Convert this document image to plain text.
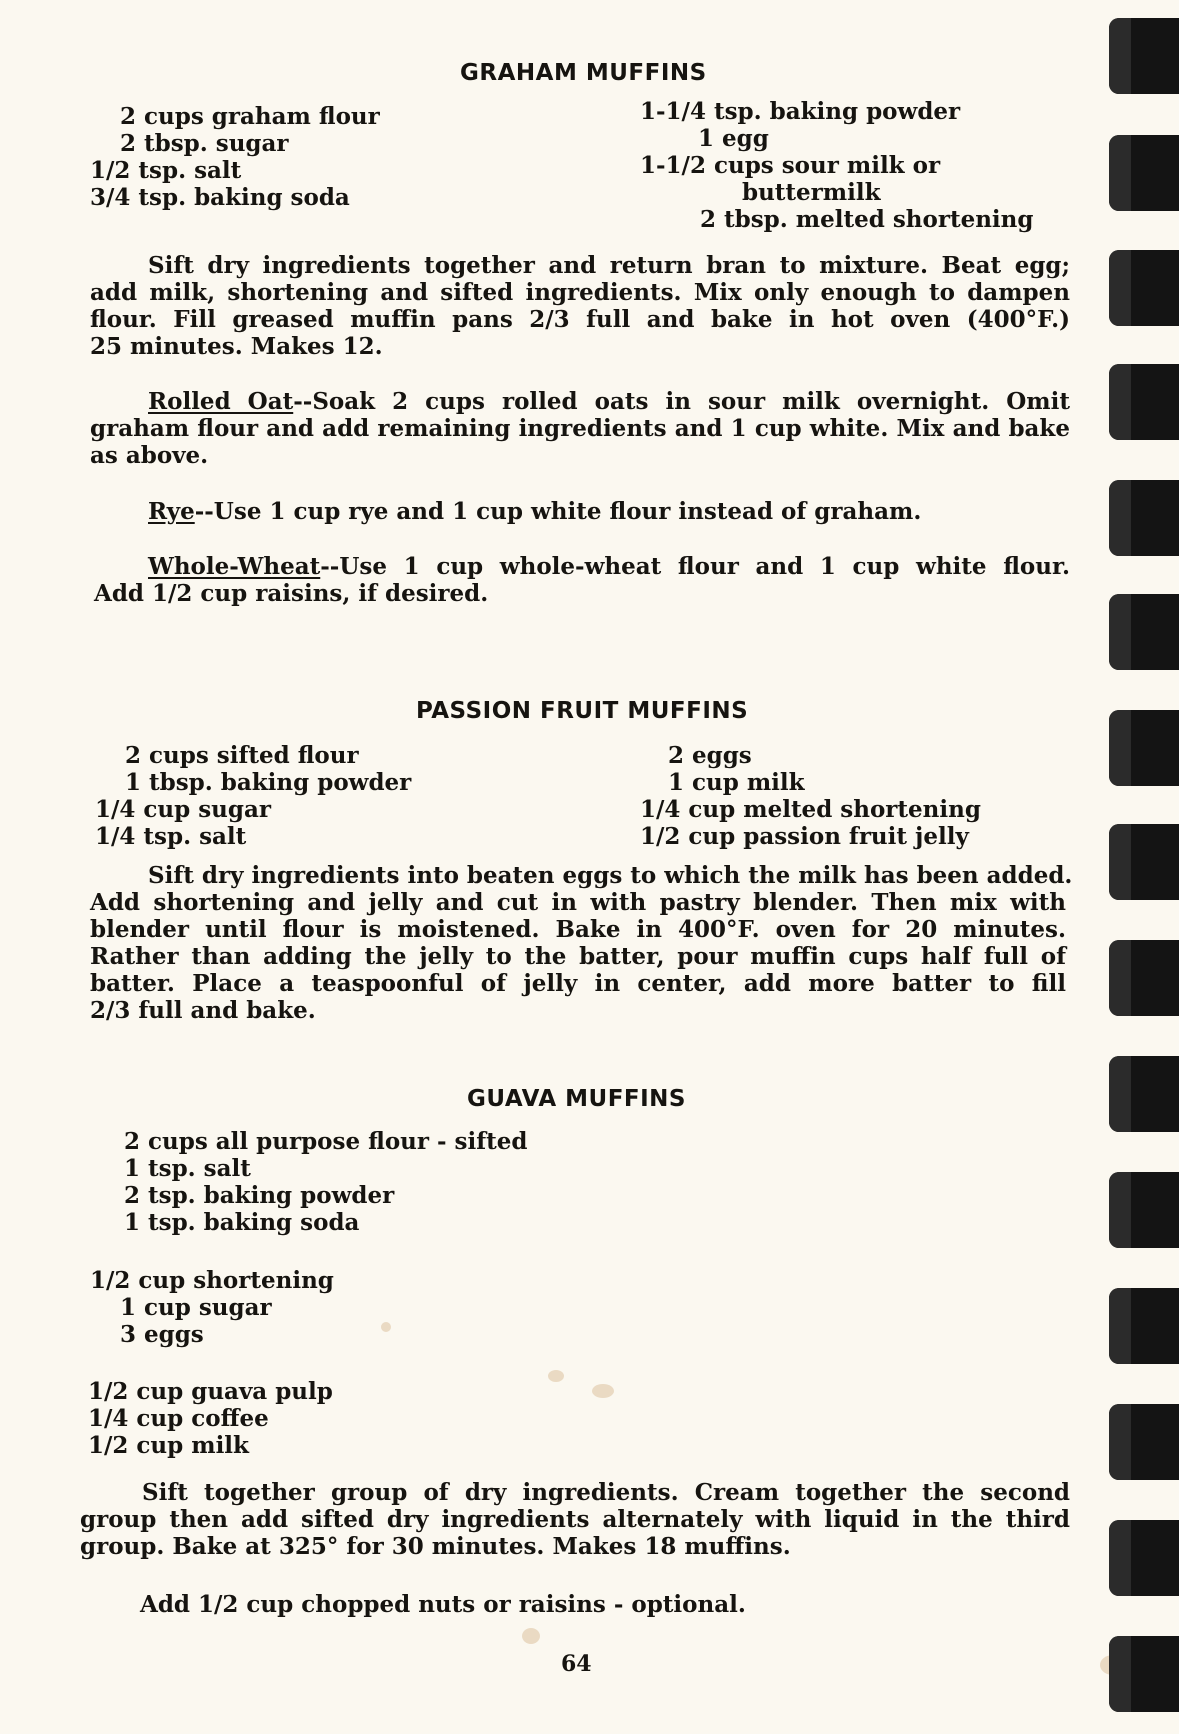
GRAHAM MUFFINS
2 cups graham flour
2 tbsp. sugar
1/2 tsp. salt
3/4 tsp. baking soda
1-1/4 tsp. baking powder
1 egg
1-1/2 cups sour milk or
buttermilk
2 tbsp. melted shortening
Sift dry ingredients together and return bran to mixture. Beat egg;
add milk, shortening and sifted ingredients. Mix only enough to dampen
flour. Fill greased muffin pans 2/3 full and bake in hot oven (400°F.)
25 minutes. Makes 12.
Rolled Oat--Soak 2 cups rolled oats in sour milk overnight. Omit
graham flour and add remaining ingredients and 1 cup white. Mix and bake
as above.
Rye--Use 1 cup rye and 1 cup white flour instead of graham.
Whole-Wheat--Use 1 cup whole-wheat flour and 1 cup white flour.
Add 1/2 cup raisins, if desired.
PASSION FRUIT MUFFINS
2 cups sifted flour
1 tbsp. baking powder
1/4 cup sugar
1/4 tsp. salt
2 eggs
1 cup milk
1/4 cup melted shortening
1/2 cup passion fruit jelly
Sift dry ingredients into beaten eggs to which the milk has been added.
Add shortening and jelly and cut in with pastry blender. Then mix with
blender until flour is moistened. Bake in 400°F. oven for 20 minutes.
Rather than adding the jelly to the batter, pour muffin cups half full of
batter. Place a teaspoonful of jelly in center, add more batter to fill
2/3 full and bake.
GUAVA MUFFINS
2 cups all purpose flour - sifted
1 tsp. salt
2 tsp. baking powder
1 tsp. baking soda
1/2 cup shortening
1 cup sugar
3 eggs
1/2 cup guava pulp
1/4 cup coffee
1/2 cup milk
Sift together group of dry ingredients. Cream together the second
group then add sifted dry ingredients alternately with liquid in the third
group. Bake at 325° for 30 minutes. Makes 18 muffins.
Add 1/2 cup chopped nuts or raisins - optional.
64
